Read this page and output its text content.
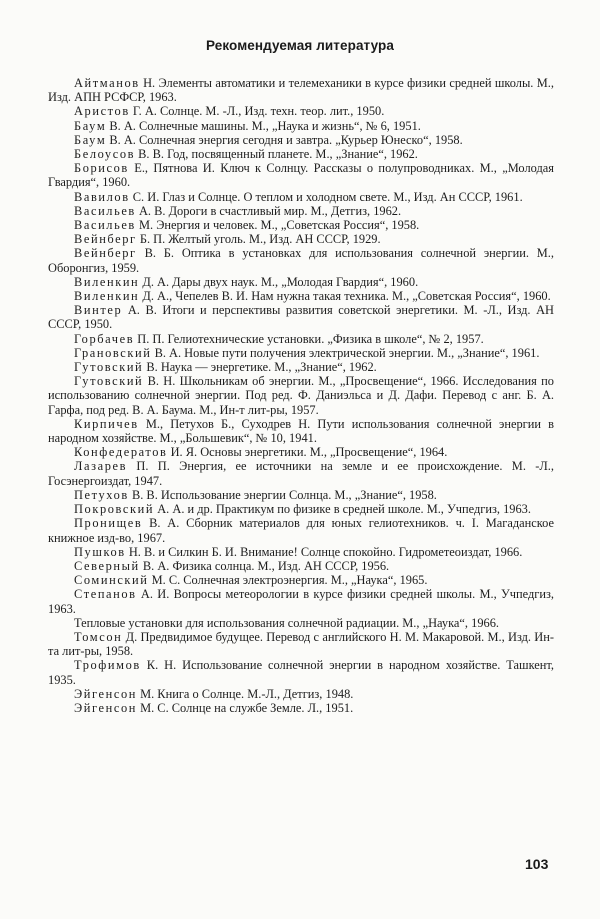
Рекомендуемая литература

Айтманов Н. Элементы автоматики и телемеханики в курсе физики средней школы. М., Изд. АПН РСФСР, 1963.

Аристов Г. А. Солнце. М. -Л., Изд. техн. теор. лит., 1950.

Баум В. А. Солнечные машины. М., „Наука и жизнь“, № 6, 1951.

Баум В. А. Солнечная энергия сегодня и завтра. „Курьер Юнеско“, 1958.

Белоусов В. В. Год, посвященный планете. М., „Знание“, 1962.

Борисов Е., Пятнова И. Ключ к Солнцу. Рассказы о полупроводниках. М., „Молодая Гвардия“, 1960.

Вавилов С. И. Глаз и Солнце. О теплом и холодном свете. М., Изд. Ан СССР, 1961.

Васильев А. В. Дороги в счастливый мир. М., Детгиз, 1962.

Васильев М. Энергия и человек. М., „Советская Россия“, 1958.

Вейнберг Б. П. Желтый уголь. М., Изд. АН СССР, 1929.

Вейнберг В. Б. Оптика в установках для использования солнечной энергии. М., Оборонгиз, 1959.

Виленкин Д. А. Дары двух наук. М., „Молодая Гвардия“, 1960.

Виленкин Д. А., Чепелев В. И. Нам нужна такая техника. М., „Советская Россия“, 1960.

Винтер А. В. Итоги и перспективы развития советской энергетики. М. -Л., Изд. АН СССР, 1950.

Горбачев П. П. Гелиотехнические установки. „Физика в школе“, № 2, 1957.

Грановский В. А. Новые пути получения электрической энергии. М., „Знание“, 1961.

Гутовский В. Наука — энергетике. М., „Знание“, 1962.

Гутовский В. Н. Школьникам об энергии. М., „Просвещение“, 1966. Исследования по использованию солнечной энергии. Под ред. Ф. Даниэльса и Д. Дафи. Перевод с анг. Б. А. Гарфа, под ред. В. А. Баума. М., Ин-т лит-ры, 1957.

Кирпичев М., Петухов Б., Суходрев Н. Пути использования солнечной энергии в народном хозяйстве. М., „Большевик“, № 10, 1941.

Конфедератов И. Я. Основы энергетики. М., „Просвещение“, 1964.

Лазарев П. П. Энергия, ее источники на земле и ее происхождение. М. -Л., Госэнергоиздат, 1947.

Петухов В. В. Использование энергии Солнца. М., „Знание“, 1958.

Покровский А. А. и др. Практикум по физике в средней школе. М., Учпедгиз, 1963.

Пронищев В. А. Сборник материалов для юных гелиотехников. ч. I. Магаданское книжное изд-во, 1967.

Пушков Н. В. и Силкин Б. И. Внимание! Солнце спокойно. Гидрометеоиздат, 1966.

Северный В. А. Физика солнца. М., Изд. АН СССР, 1956.

Соминский М. С. Солнечная электроэнергия. М., „Наука“, 1965.

Степанов А. И. Вопросы метеорологии в курсе физики средней школы. М., Учпедгиз, 1963.

Тепловые установки для использования солнечной радиации. М., „Наука“, 1966.

Томсон Д. Предвидимое будущее. Перевод с английского Н. М. Макаровой. М., Изд. Ин-та лит-ры, 1958.

Трофимов К. Н. Использование солнечной энергии в народном хозяйстве. Ташкент, 1935.

Эйгенсон М. Книга о Солнце. М.-Л., Детгиз, 1948.

Эйгенсон М. С. Солнце на службе Земле. Л., 1951.

103
